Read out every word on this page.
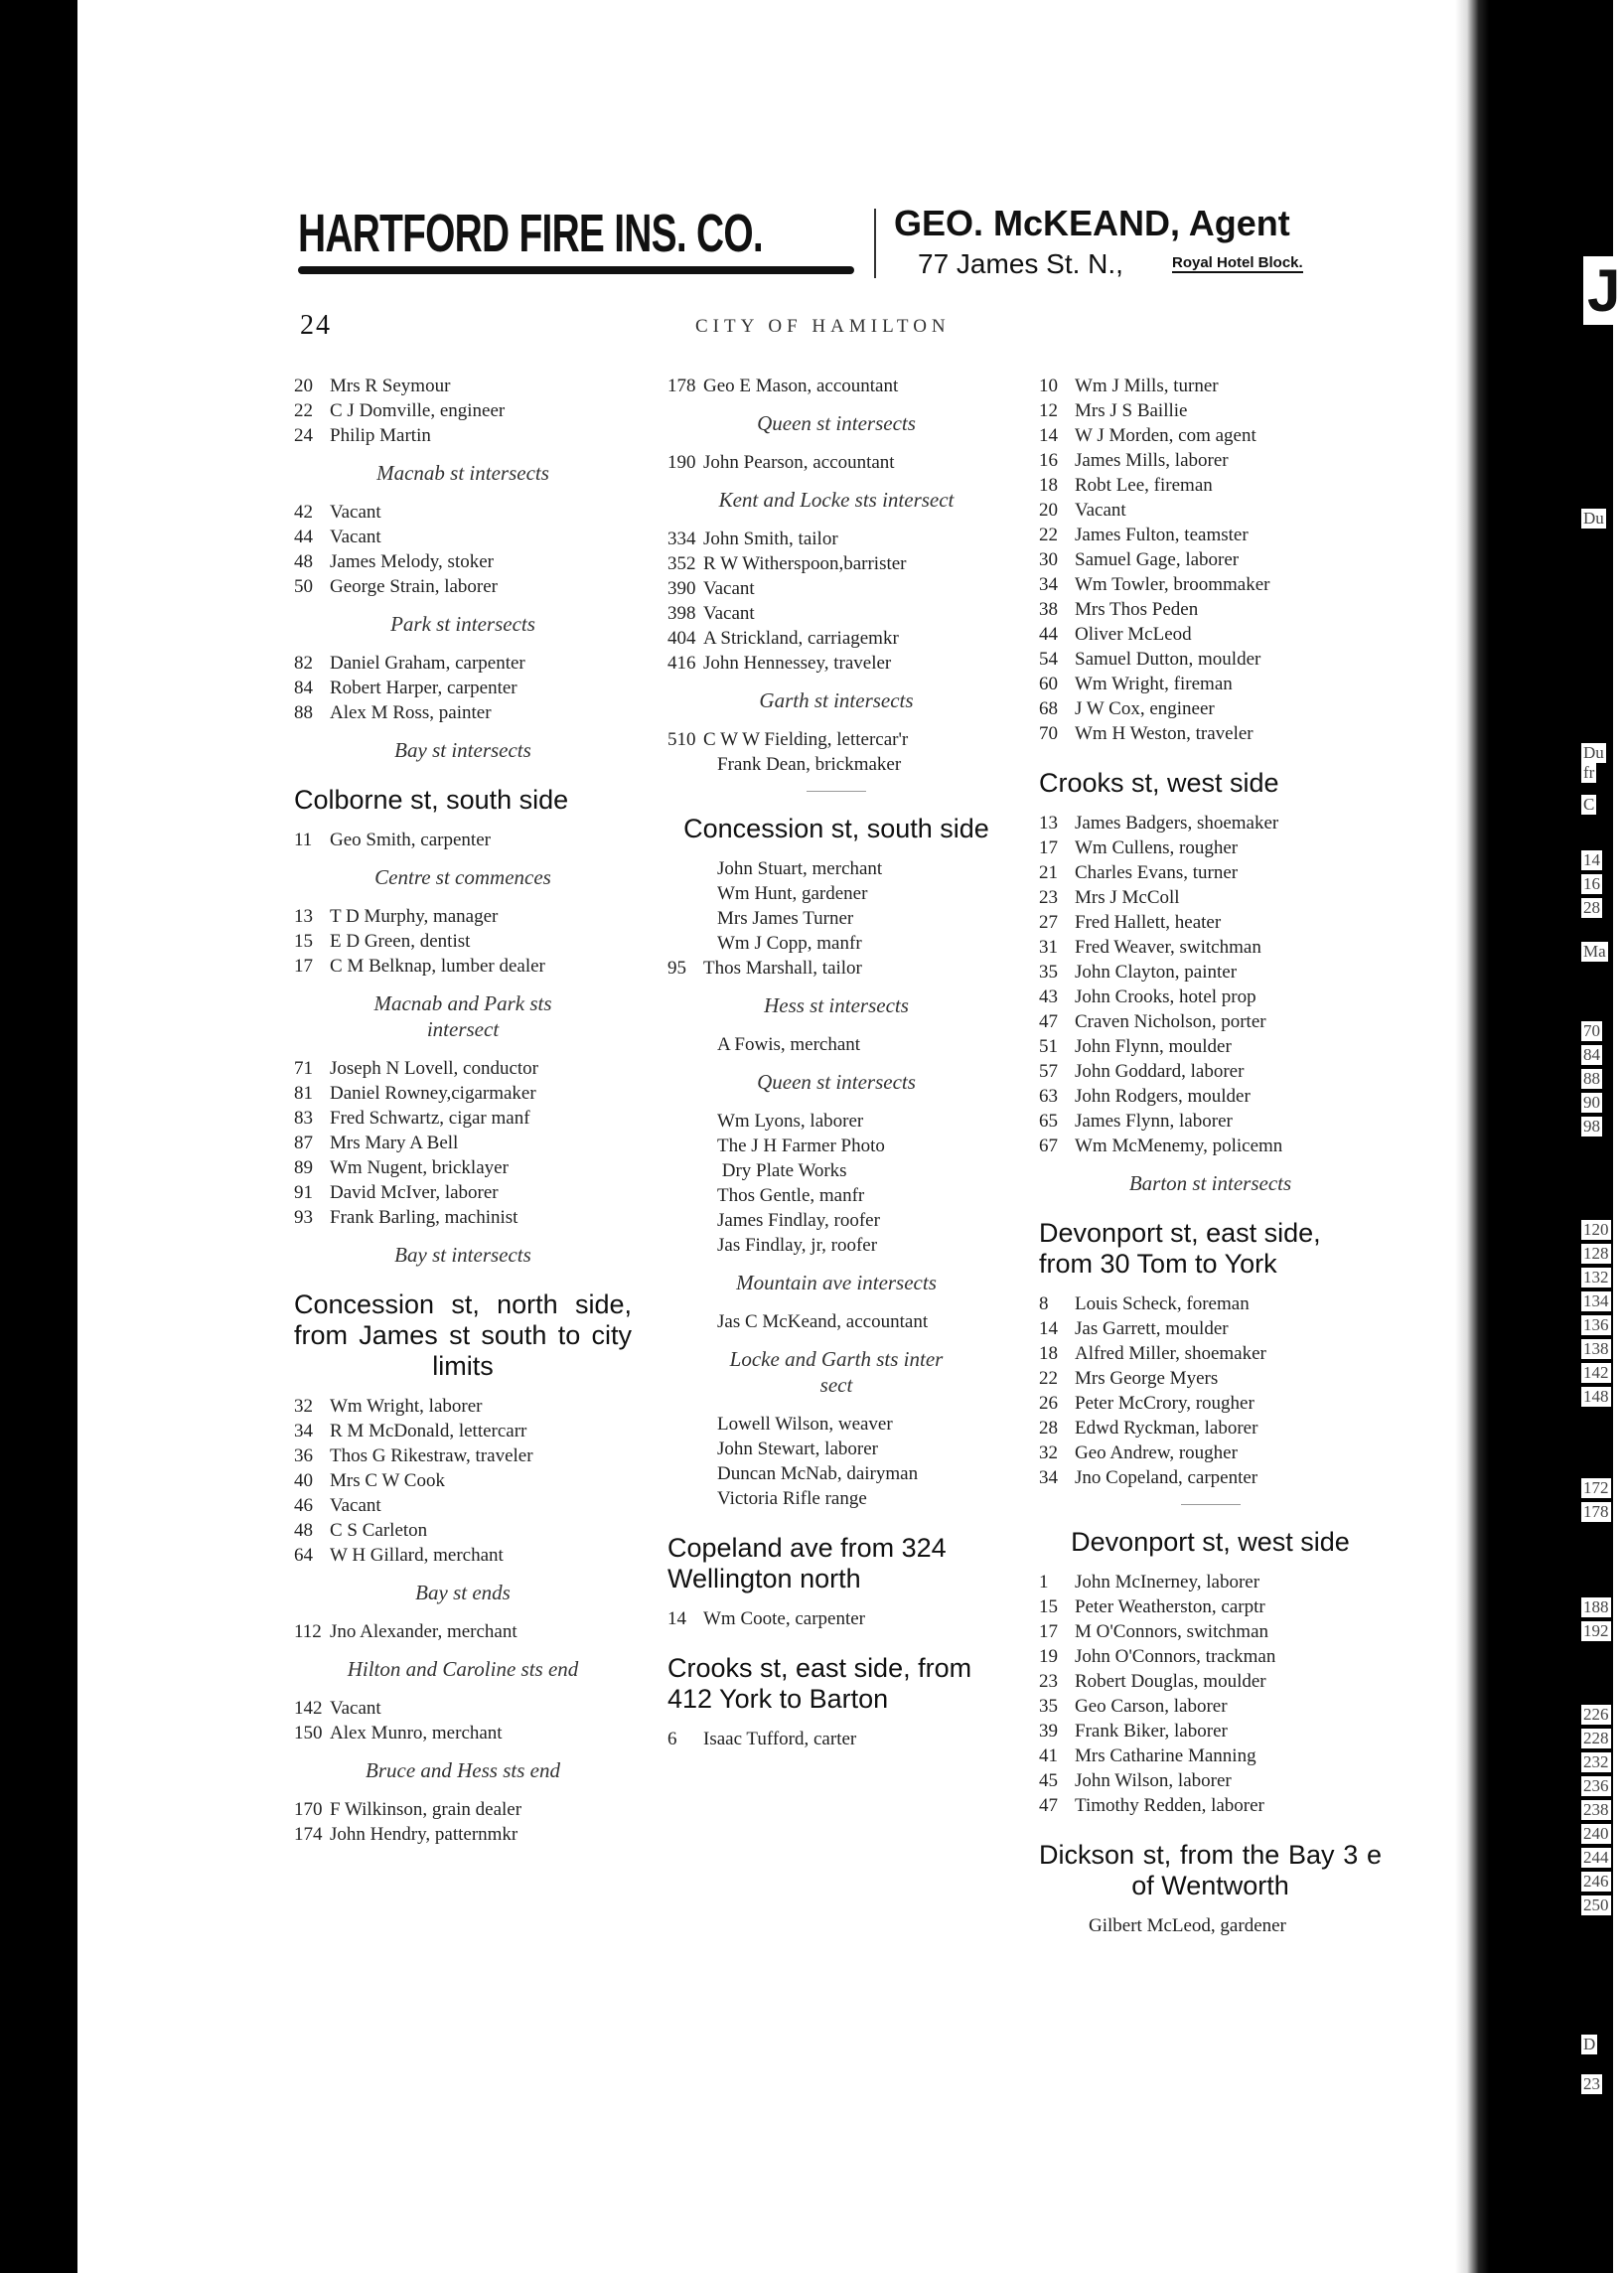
HARTFORD FIRE INS. CO.	GEO. McKEAND, Agent
77 James St. N.,	Royal Hotel Block.
24	CITY OF HAMILTON
20 Mrs R Seymour
22 C J Domville, engineer
24 Philip Martin
Macnab st intersects
42 Vacant
44 Vacant
48 James Melody, stoker
50 George Strain, laborer
Park st intersects
82 Daniel Graham, carpenter
84 Robert Harper, carpenter
88 Alex M Ross, painter
Bay st intersects
Colborne st, south side
11 Geo Smith, carpenter
Centre st commences
13 T D Murphy, manager
15 E D Green, dentist
17 C M Belknap, lumber dealer
Macnab and Park sts
intersect
71 Joseph N Lovell, conductor
81 Daniel Rowney,cigarmaker
83 Fred Schwartz, cigar manf
87 Mrs Mary A Bell
89 Wm Nugent, bricklayer
91 David McIver, laborer
93 Frank Barling, machinist
Bay st intersects
Concession st, north side, from James st south to city limits
32 Wm Wright, laborer
34 R M McDonald, lettercarr
36 Thos G Rikestraw, traveler
40 Mrs C W Cook
46 Vacant
48 C S Carleton
64 W H Gillard, merchant
Bay st ends
112 Jno Alexander, merchant
Hilton and Caroline sts end
142 Vacant
150 Alex Munro, merchant
Bruce and Hess sts end
170 F Wilkinson, grain dealer
174 John Hendry, patternmkr
178 Geo E Mason, accountant
Queen st intersects
190 John Pearson, accountant
Kent and Locke sts intersect
334 John Smith, tailor
352 R W Witherspoon,barrister
390 Vacant
398 Vacant
404 A Strickland, carriagemkr
416 John Hennessey, traveler
Garth st intersects
510 C W W Fielding, lettercar'r
Frank Dean, brickmaker
Concession st, south side
John Stuart, merchant
Wm Hunt, gardener
Mrs James Turner
Wm J Copp, manfr
95 Thos Marshall, tailor
Hess st intersects
A Fowis, merchant
Queen st intersects
Wm Lyons, laborer
The J H Farmer Photo
Dry Plate Works
Thos Gentle, manfr
James Findlay, roofer
Jas Findlay, jr, roofer
Mountain ave intersects
Jas C McKeand, accountant
Locke and Garth sts inter
sect
Lowell Wilson, weaver
John Stewart, laborer
Duncan McNab, dairyman
Victoria Rifle range
Copeland ave from 324 Wellington north
14 Wm Coote, carpenter
Crooks st, east side, from 412 York to Barton
6 Isaac Tufford, carter
10 Wm J Mills, turner
12 Mrs J S Baillie
14 W J Morden, com agent
16 James Mills, laborer
18 Robt Lee, fireman
20 Vacant
22 James Fulton, teamster
30 Samuel Gage, laborer
34 Wm Towler, broommaker
38 Mrs Thos Peden
44 Oliver McLeod
54 Samuel Dutton, moulder
60 Wm Wright, fireman
68 J W Cox, engineer
70 Wm H Weston, traveler
Crooks st, west side
13 James Badgers, shoemaker
17 Wm Cullens, rougher
21 Charles Evans, turner
23 Mrs J McColl
27 Fred Hallett, heater
31 Fred Weaver, switchman
35 John Clayton, painter
43 John Crooks, hotel prop
47 Craven Nicholson, porter
51 John Flynn, moulder
57 John Goddard, laborer
63 John Rodgers, moulder
65 James Flynn, laborer
67 Wm McMenemy, policemn
Barton st intersects
Devonport st, east side, from 30 Tom to York
8 Louis Scheck, foreman
14 Jas Garrett, moulder
18 Alfred Miller, shoemaker
22 Mrs George Myers
26 Peter McCrory, rougher
28 Edwd Ryckman, laborer
32 Geo Andrew, rougher
34 Jno Copeland, carpenter
Devonport st, west side
1 John McInerney, laborer
15 Peter Weatherston, carptr
17 M O'Connors, switchman
19 John O'Connors, trackman
23 Robert Douglas, moulder
35 Geo Carson, laborer
39 Frank Biker, laborer
41 Mrs Catharine Manning
45 John Wilson, laborer
47 Timothy Redden, laborer
Dickson st, from the Bay 3 e of Wentworth
Gilbert McLeod, gardener
J
Du
Du
fr
C
14
16
28
Ma
70
84
88
90
98
120
128
132
134
136
138
142
148
172
178
188
192
226
228
232
236
238
240
244
246
250
D
23
